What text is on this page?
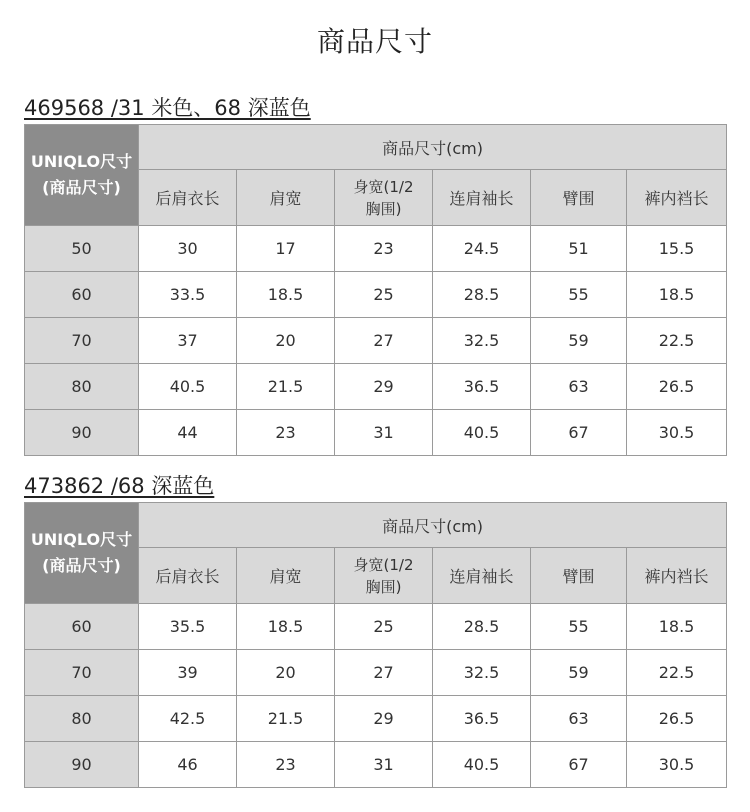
商品尺寸
469568 /31 米色、68 深蓝色
UNIQLO尺寸
(商品尺寸)	商品尺寸(cm)					
	后肩衣长	肩宽	身宽(1/2
胸围)	连肩袖长	臂围	裤内裆长
50	30	17	23	24.5	51	15.5
60	33.5	18.5	25	28.5	55	18.5
70	37	20	27	32.5	59	22.5
80	40.5	21.5	29	36.5	63	26.5
90	44	23	31	40.5	67	30.5
473862 /68 深蓝色
UNIQLO尺寸
(商品尺寸)	商品尺寸(cm)					
	后肩衣长	肩宽	身宽(1/2
胸围)	连肩袖长	臂围	裤内裆长
60	35.5	18.5	25	28.5	55	18.5
70	39	20	27	32.5	59	22.5
80	42.5	21.5	29	36.5	63	26.5
90	46	23	31	40.5	67	30.5
